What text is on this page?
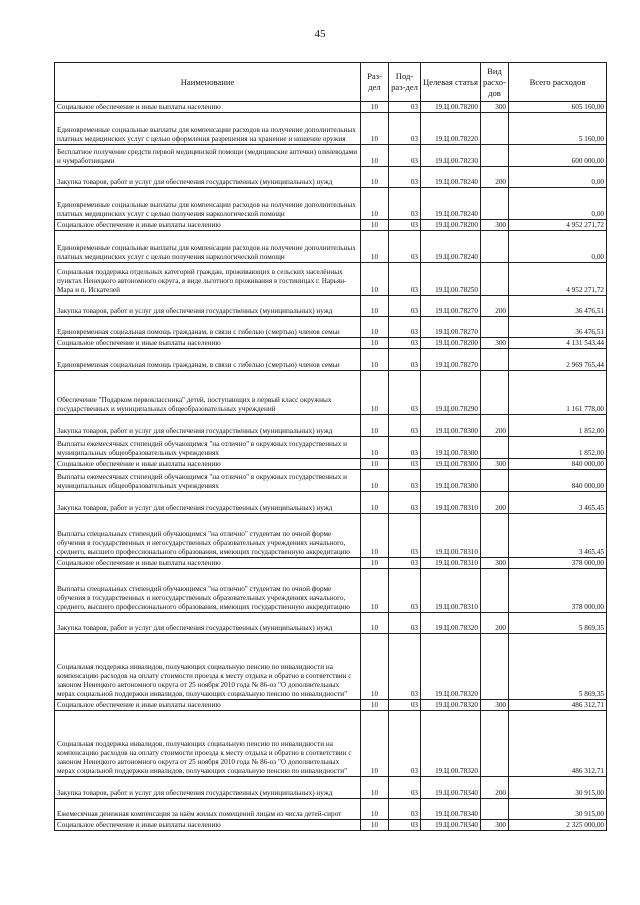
45
Наименование	Раз-дел	Под-раз-дел	Целевая статья	Вид расхо-дов	Всего расходов
Социальное обеспечение и иные выплаты населению	10	03	19.Ц.00.78200	300	605 160,00
Единовременные социальные выплаты для компенсации расходов на получение дополнительных платных медицинских услуг с целью оформления разрешения на хранение и ношение оружия	10	03	19.Ц.00.78220		5 160,00
Бесплатное получение средств первой медицинской помощи (медицинские аптечки) оленеводами и чумработницами	10	03	19.Ц.00.78230		600 000,00
Закупка товаров, работ и услуг для обеспечения государственных (муниципальных) нужд	10	03	19.Ц.00.78240	200	0,00
Единовременные социальные выплаты для компенсации расходов на получение дополнительных платных медицинских услуг с целью получения наркологической помощи	10	03	19.Ц.00.78240		0,00
Социальное обеспечение и иные выплаты населению	10	03	19.Ц.00.78200	300	4 952 271,72
Единовременные социальные выплаты для компенсации расходов на получение дополнительных платных медицинских услуг с целью получения наркологической помощи	10	03	19.Ц.00.78240		0,00
Социальная поддержка отдельных категорий граждан, проживающих в сельских населённых пунктах Ненецкого автономного округа, в виде льготного проживания в гостиницах г. Нарьян-Мара и п. Искателей	10	03	19.Ц.00.78250		4 952 271,72
Закупка товаров, работ и услуг для обеспечения государственных (муниципальных) нужд	10	03	19.Ц.00.78270	200	36 476,51
Единовременная социальная помощь гражданам, в связи с гибелью (смертью) членов семьи	10	03	19.Ц.00.78270		36 476,51
Социальное обеспечение и иные выплаты населению	10	03	19.Ц.00.78200	300	4 131 543,44
Единовременная социальная помощь гражданам, в связи с гибелью (смертью) членов семьи	10	03	19.Ц.00.78270		2 969 765,44
Обеспечение "Подарком первоклассника" детей, поступающих в первый класс окружных государственных и муниципальных общеобразовательных учреждений	10	03	19.Ц.00.78290		1 161 778,00
Закупка товаров, работ и услуг для обеспечения государственных (муниципальных) нужд	10	03	19.Ц.00.78300	200	1 852,00
Выплаты ежемесячных стипендий обучающимся "на отлично" в окружных государственных и муниципальных общеобразовательных учреждениях	10	03	19.Ц.00.78300		1 852,00
Социальное обеспечение и иные выплаты населению	10	03	19.Ц.00.78300	300	840 000,00
Выплаты ежемесячных стипендий обучающимся "на отлично" в окружных государственных и муниципальных общеобразовательных учреждениях	10	03	19.Ц.00.78300		840 000,00
Закупка товаров, работ и услуг для обеспечения государственных (муниципальных) нужд	10	03	19.Ц.00.78310	200	3 465,45
Выплаты специальных стипендий обучающимся "на отлично" студентам по очной форме обучения в государственных и негосударственных образовательных учреждениях начального, среднего, высшего профессионального образования, имеющих государственную аккредитацию	10	03	19.Ц.00.78310		3 465,45
Социальное обеспечение и иные выплаты населению	10	03	19.Ц.00.78310	300	378 000,00
Выплаты специальных стипендий обучающимся "на отлично" студентам по очной форме обучения в государственных и негосударственных образовательных учреждениях начального, среднего, высшего профессионального образования, имеющих государственную аккредитацию	10	03	19.Ц.00.78310		378 000,00
Закупка товаров, работ и услуг для обеспечения государственных (муниципальных) нужд	10	03	19.Ц.00.78320	200	5 869,35
Социальная поддержка инвалидов, получающих социальную пенсию по инвалидности на компенсацию расходов на оплату стоимости проезда к месту отдыха и обратно в соответствии с законом Ненецкого автономного округа от 25 ноября 2010 года № 86-оз "О дополнительных мерах социальной поддержки инвалидов, получающих социальную пенсию по инвалидности"	10	03	19.Ц.00.78320		5 869,35
Социальное обеспечение и иные выплаты населению	10	03	19.Ц.00.78320	300	486 312,71
Социальная поддержка инвалидов, получающих социальную пенсию по инвалидности на компенсацию расходов на оплату стоимости проезда к месту отдыха и обратно в соответствии с законом Ненецкого автономного округа от 25 ноября 2010 года № 86-оз "О дополнительных мерах социальной поддержки инвалидов, получающих социальную пенсию по инвалидности"	10	03	19.Ц.00.78320		486 312,71
Закупка товаров, работ и услуг для обеспечения государственных (муниципальных) нужд	10	03	19.Ц.00.78340	200	30 915,00
Ежемесячная денежная компенсация за наём жилых помещений лицам из числа детей-сирот	10	03	19.Ц.00.78340		30 915,00
Социальное обеспечение и иные выплаты населению	10	03	19.Ц.00.78340	300	2 325 000,00
